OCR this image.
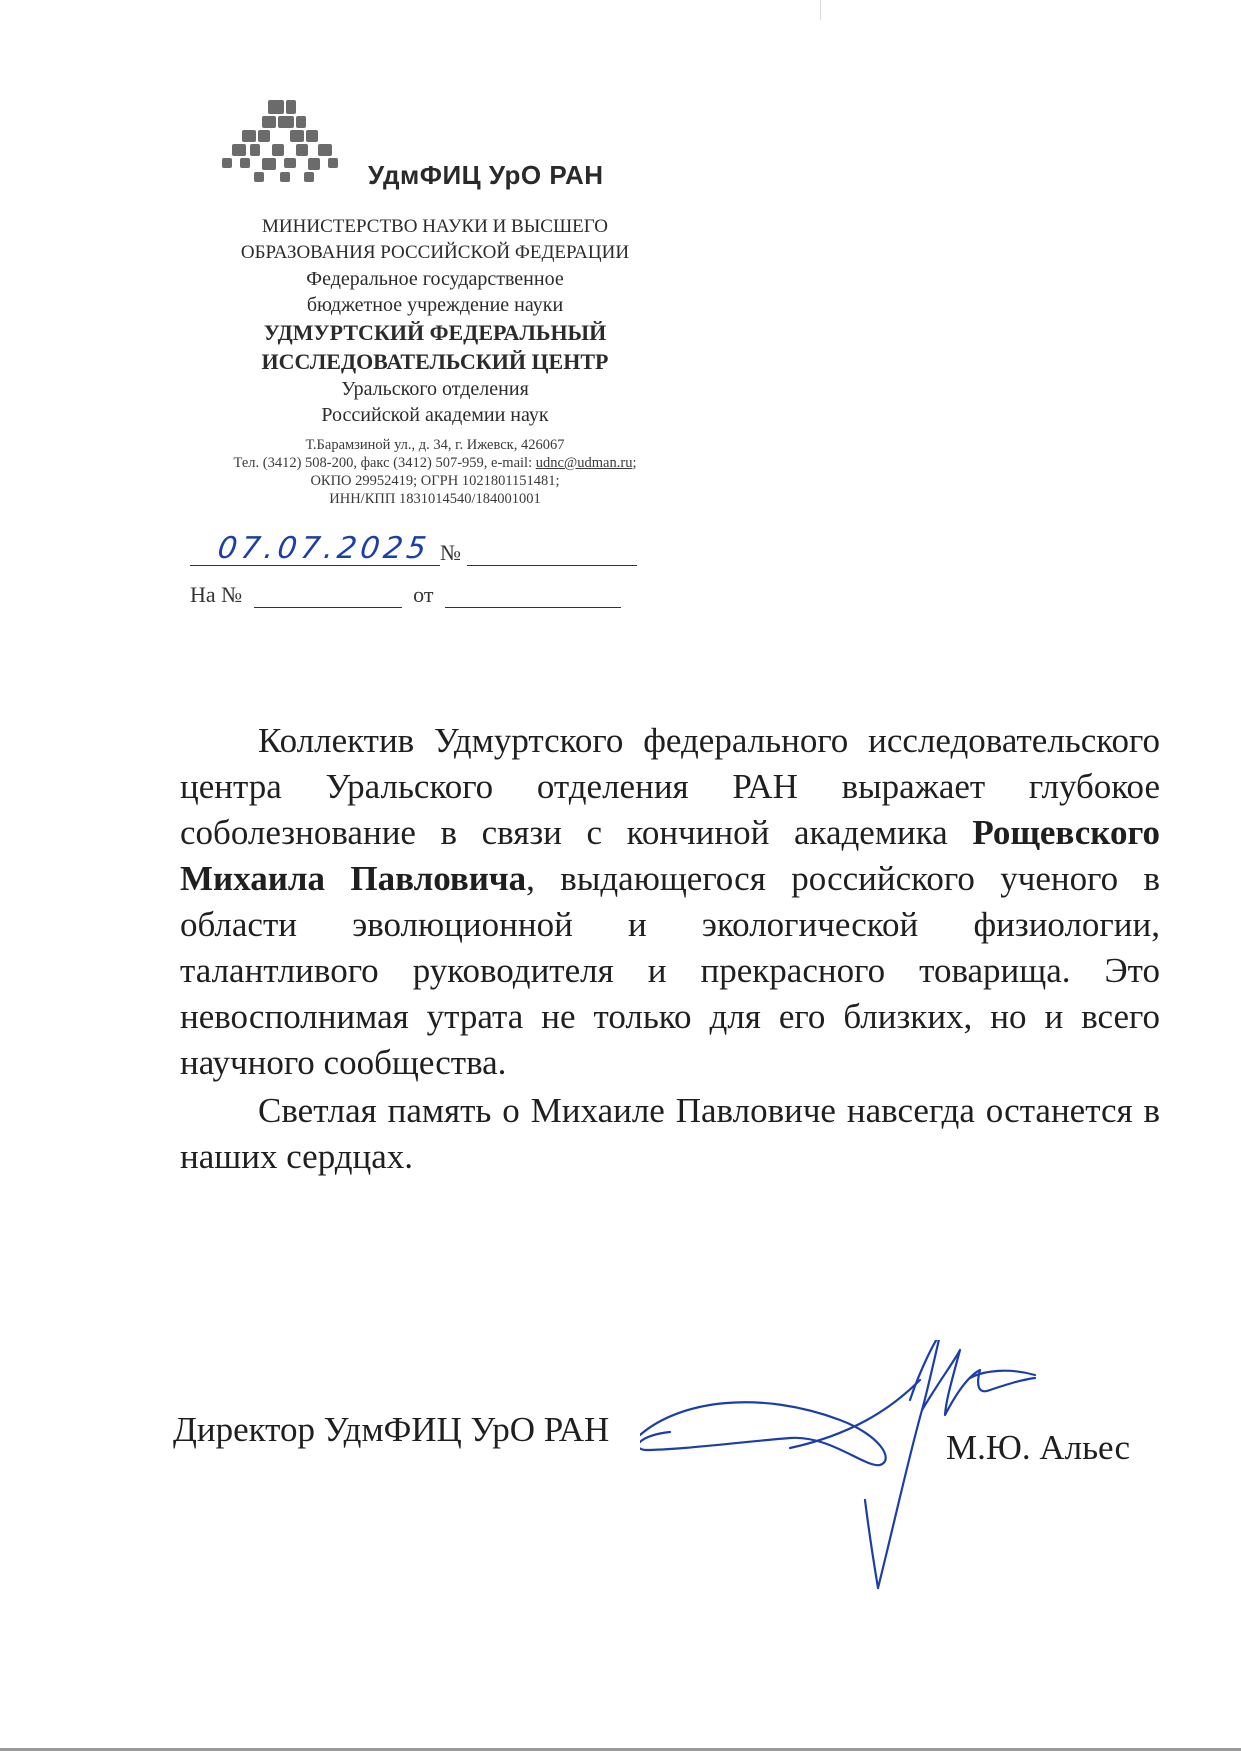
УдмФИЦ УрО РАН
МИНИСТЕРСТВО НАУКИ И ВЫСШЕГО
ОБРАЗОВАНИЯ РОССИЙСКОЙ ФЕДЕРАЦИИ
Федеральное государственное
бюджетное учреждение науки
УДМУРТСКИЙ ФЕДЕРАЛЬНЫЙ
ИССЛЕДОВАТЕЛЬСКИЙ ЦЕНТР
Уральского отделения
Российской академии наук
Т.Барамзиной ул., д. 34, г. Ижевск, 426067
Тел. (3412) 508-200, факс (3412) 507-959, e-mail: udnc@udman.ru;
ОКПО 29952419; ОГРН 1021801151481;
ИНН/КПП 1831014540/184001001
№
07.07.2025
На №	от

Коллектив Удмуртского федерального исследовательского центра Уральского отделения РАН выражает глубокое соболезнование в связи с кончиной академика Рощевского Михаила Павловича, выдающегося российского ученого в области эволюционной и экологической физиологии, талантливого руководителя и прекрасного товарища. Это невосполнимая утрата не только для его близких, но и всего научного сообщества.

Светлая память о Михаиле Павловиче навсегда останется в наших сердцах.

Директор УдмФИЦ УрО РАН	М.Ю. Альес
